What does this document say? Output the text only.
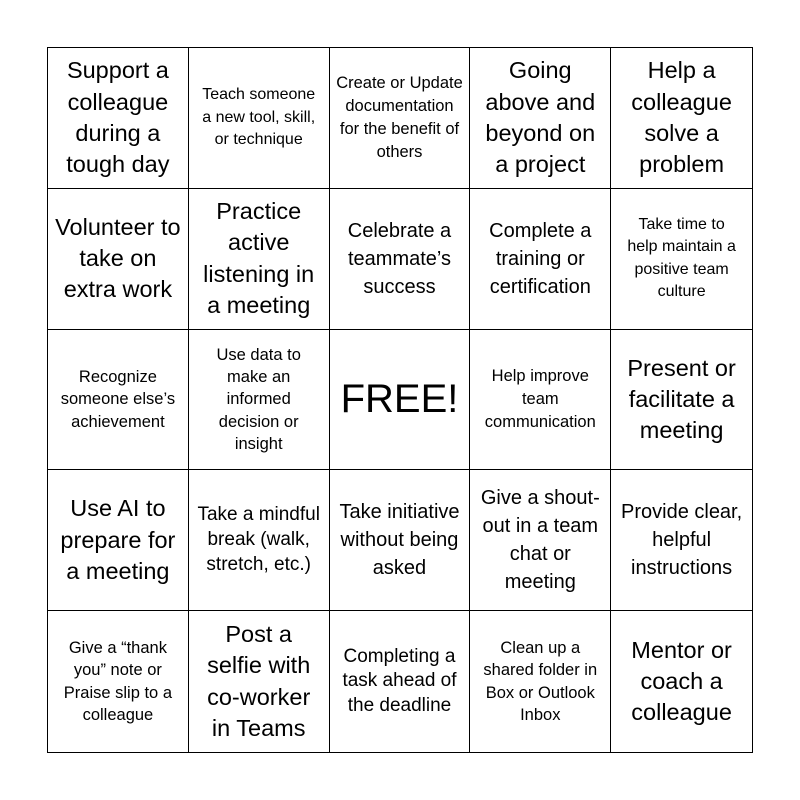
Support a colleague during a tough day
Teach someone a new tool, skill, or technique
Create or Update documentation for the benefit of others
Going above and beyond on a project
Help a colleague solve a problem
Volunteer to take on extra work
Practice active listening in a meeting
Celebrate a teammate’s success
Complete a training or certification
Take time to help maintain a positive team culture
Recognize someone else’s achievement
Use data to make an informed decision or insight
FREE!
Help improve team communication
Present or facilitate a meeting
Use AI to prepare for a meeting
Take a mindful break (walk, stretch, etc.)
Take initiative without being asked
Give a shout-out in a team chat or meeting
Provide clear, helpful instructions
Give a “thank you” note or Praise slip to a colleague
Post a selfie with co-worker in Teams
Completing a task ahead of the deadline
Clean up a shared folder in Box or Outlook Inbox
Mentor or coach a colleague
